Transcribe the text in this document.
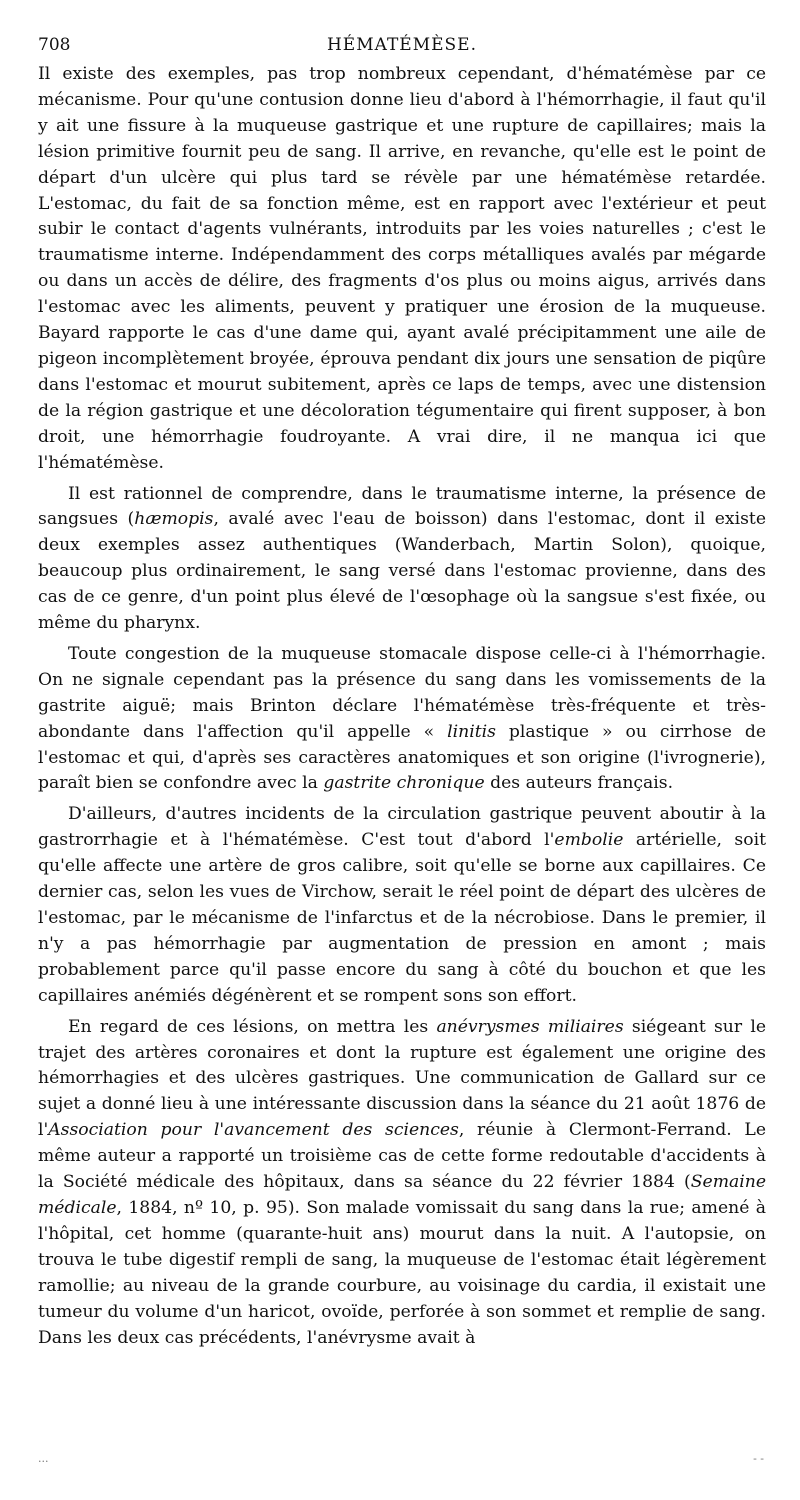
708	HÉMATÉMÈSE.

Il existe des exemples, pas trop nombreux cependant, d'hématémèse par ce mécanisme. Pour qu'une contusion donne lieu d'abord à l'hémorrhagie, il faut qu'il y ait une fissure à la muqueuse gastrique et une rupture de capillaires; mais la lésion primitive fournit peu de sang. Il arrive, en revanche, qu'elle est le point de départ d'un ulcère qui plus tard se révèle par une hématémèse retardée. L'estomac, du fait de sa fonction même, est en rapport avec l'extérieur et peut subir le contact d'agents vulnérants, introduits par les voies naturelles ; c'est le traumatisme interne. Indépendamment des corps métalliques avalés par mégarde ou dans un accès de délire, des fragments d'os plus ou moins aigus, arrivés dans l'estomac avec les aliments, peuvent y pratiquer une érosion de la muqueuse. Bayard rapporte le cas d'une dame qui, ayant avalé précipitamment une aile de pigeon incomplètement broyée, éprouva pendant dix jours une sensation de piqûre dans l'estomac et mourut subitement, après ce laps de temps, avec une distension de la région gastrique et une décoloration tégumentaire qui firent supposer, à bon droit, une hémorrhagie foudroyante. A vrai dire, il ne manqua ici que l'hématémèse.

Il est rationnel de comprendre, dans le traumatisme interne, la présence de sangsues (hæmopis, avalé avec l'eau de boisson) dans l'estomac, dont il existe deux exemples assez authentiques (Wanderbach, Martin Solon), quoique, beaucoup plus ordinairement, le sang versé dans l'estomac provienne, dans des cas de ce genre, d'un point plus élevé de l'œsophage où la sangsue s'est fixée, ou même du pharynx.

Toute congestion de la muqueuse stomacale dispose celle-ci à l'hémorrhagie. On ne signale cependant pas la présence du sang dans les vomissements de la gastrite aiguë; mais Brinton déclare l'hématémèse très-fréquente et très-abondante dans l'affection qu'il appelle « linitis plastique » ou cirrhose de l'estomac et qui, d'après ses caractères anatomiques et son origine (l'ivrognerie), paraît bien se confondre avec la gastrite chronique des auteurs français.

D'ailleurs, d'autres incidents de la circulation gastrique peuvent aboutir à la gastrorrhagie et à l'hématémèse. C'est tout d'abord l'embolie artérielle, soit qu'elle affecte une artère de gros calibre, soit qu'elle se borne aux capillaires. Ce dernier cas, selon les vues de Virchow, serait le réel point de départ des ulcères de l'estomac, par le mécanisme de l'infarctus et de la nécrobiose. Dans le premier, il n'y a pas hémorrhagie par augmentation de pression en amont ; mais probablement parce qu'il passe encore du sang à côté du bouchon et que les capillaires anémiés dégénèrent et se rompent sons son effort.

En regard de ces lésions, on mettra les anévrysmes miliaires siégeant sur le trajet des artères coronaires et dont la rupture est également une origine des hémorrhagies et des ulcères gastriques. Une communication de Gallard sur ce sujet a donné lieu à une intéressante discussion dans la séance du 21 août 1876 de l'Association pour l'avancement des sciences, réunie à Clermont-Ferrand. Le même auteur a rapporté un troisième cas de cette forme redoutable d'accidents à la Société médicale des hôpitaux, dans sa séance du 22 février 1884 (Semaine médicale, 1884, nº 10, p. 95). Son malade vomissait du sang dans la rue; amené à l'hôpital, cet homme (quarante-huit ans) mourut dans la nuit. A l'autopsie, on trouva le tube digestif rempli de sang, la muqueuse de l'estomac était légèrement ramollie; au niveau de la grande courbure, au voisinage du cardia, il existait une tumeur du volume d'un haricot, ovoïde, perforée à son sommet et remplie de sang. Dans les deux cas précédents, l'anévrysme avait à

...	- -
